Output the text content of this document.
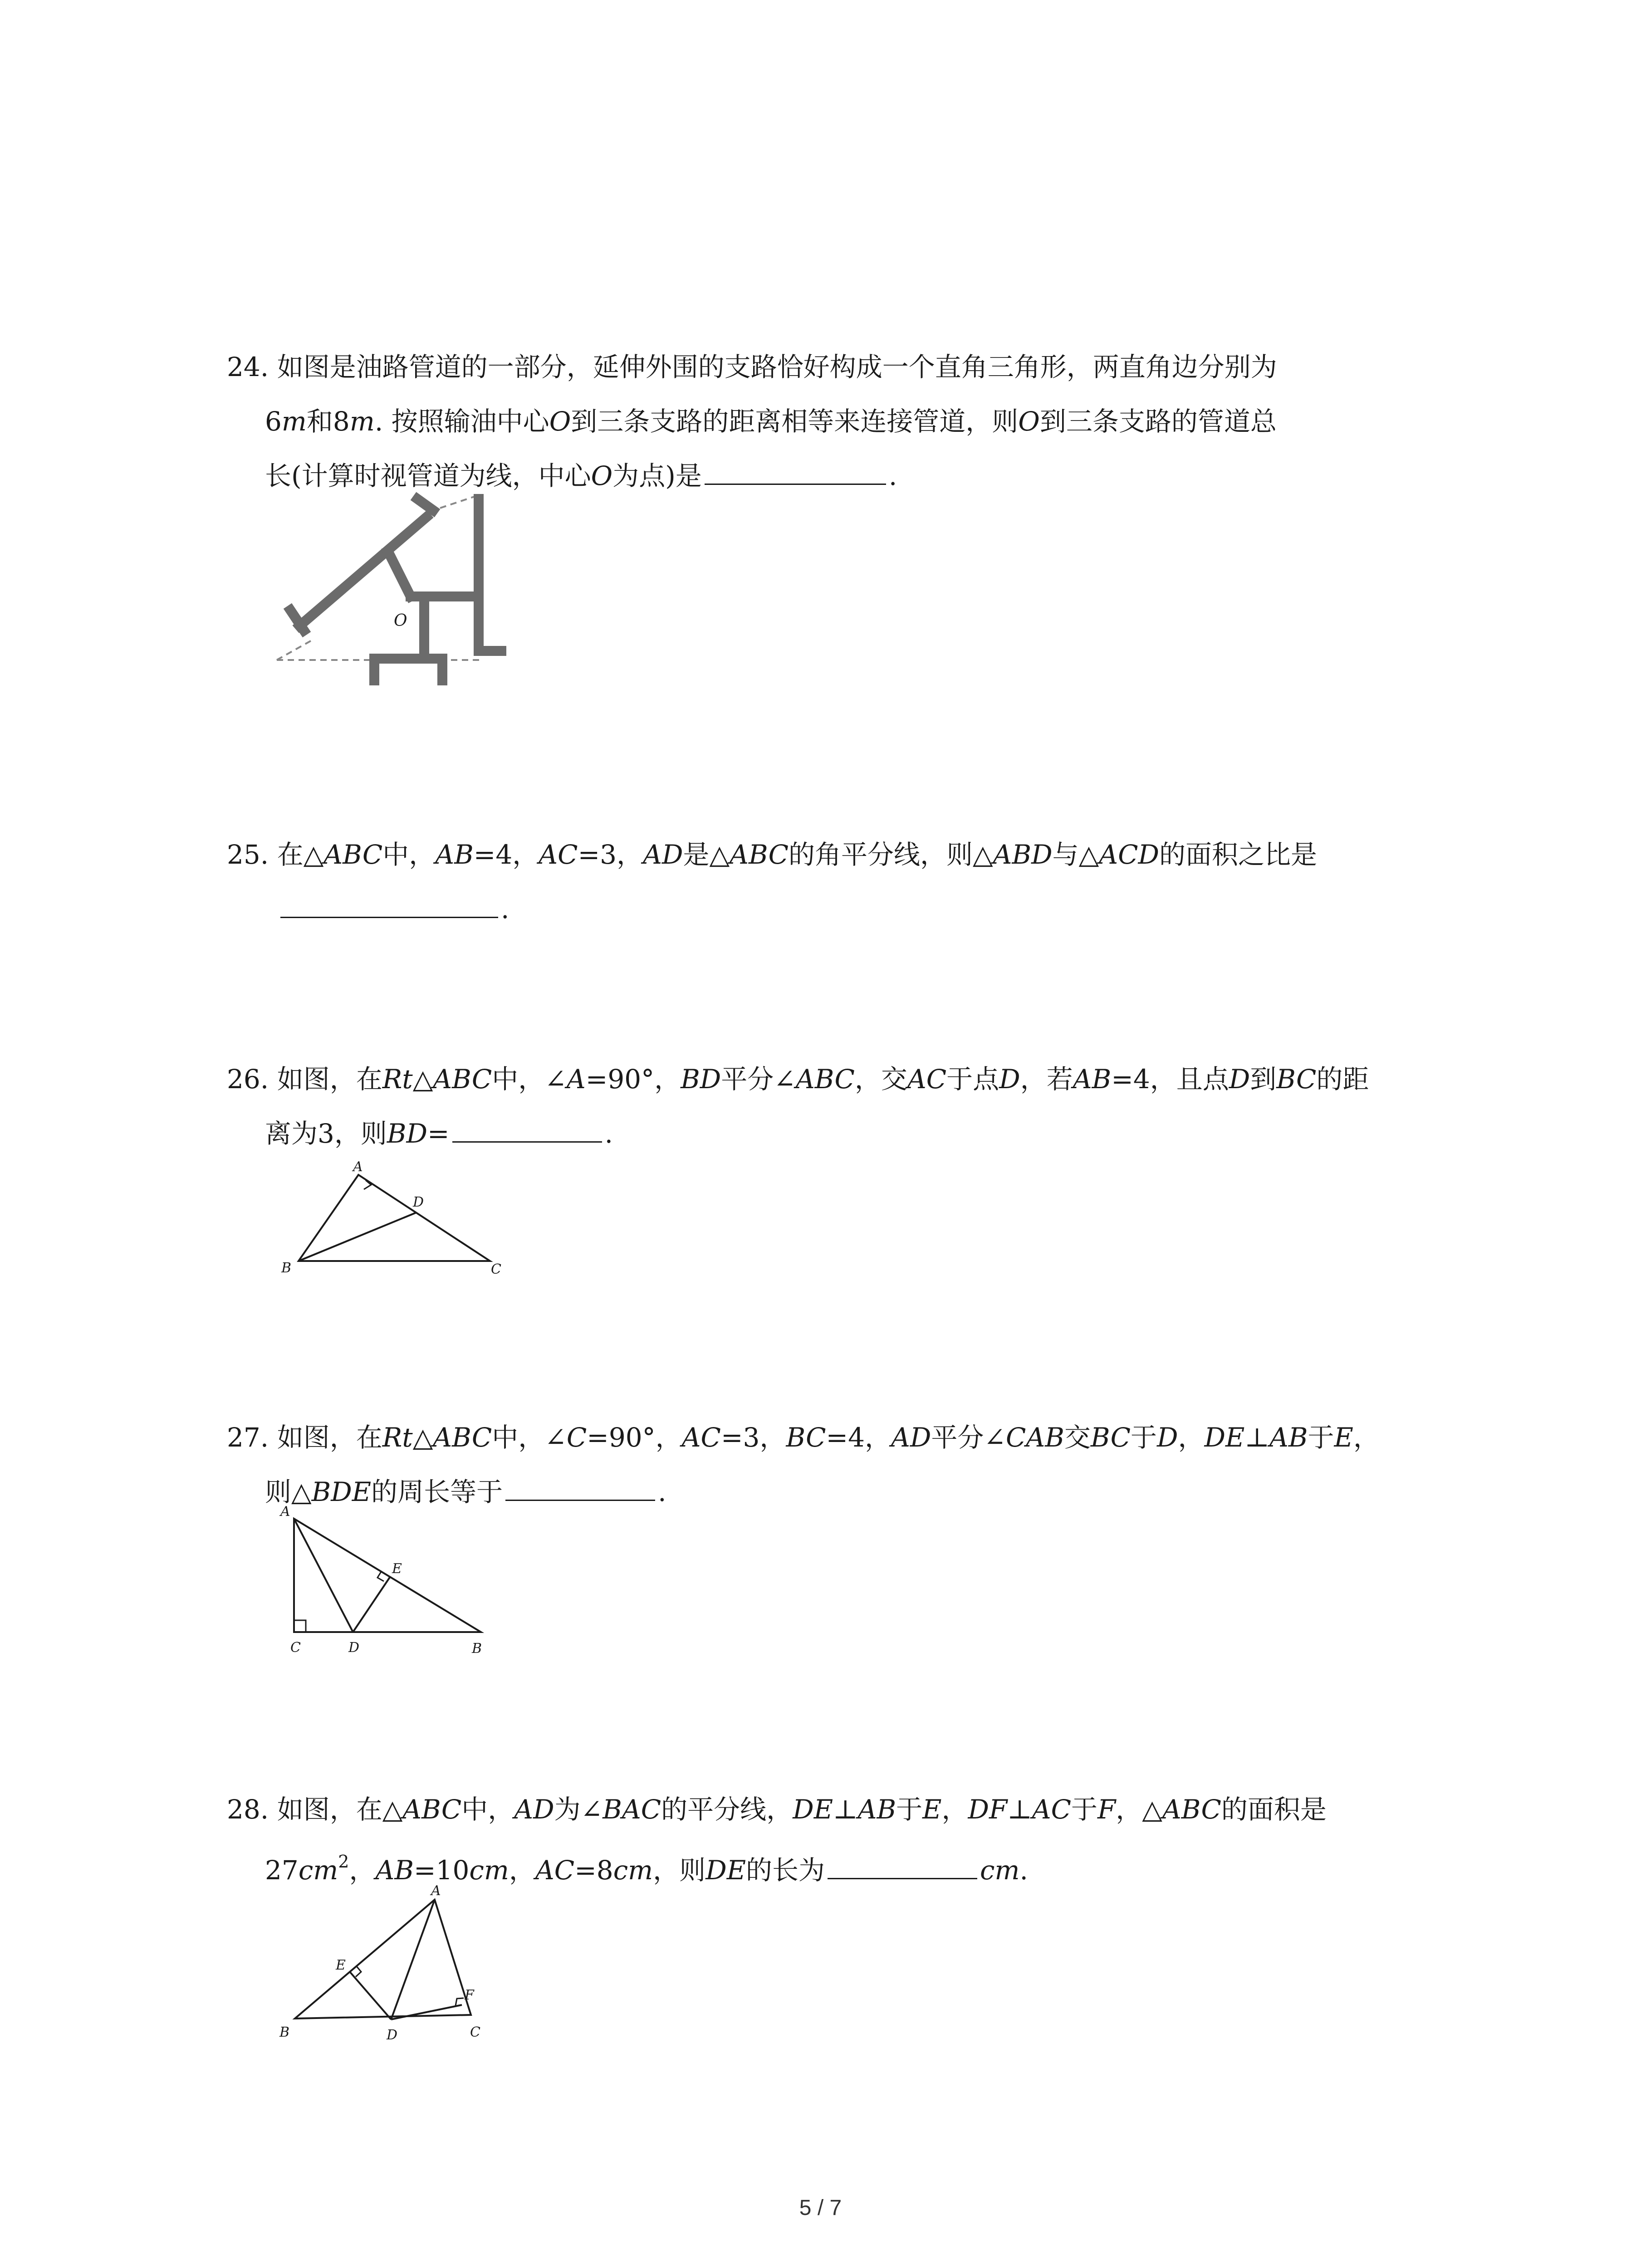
24. 如图是油路管道的一部分，延伸外围的支路恰好构成一个直角三角形，两直角边分别为
6m和8m. 按照输油中心O到三条支路的距离相等来连接管道，则O到三条支路的管道总
长(计算时视管道为线，中心O为点)是	.
O
25. 在△ABC中，AB=4，AC=3，AD是△ABC的角平分线，则△ABD与△ACD的面积之比是
.
26. 如图，在Rt△ABC中，∠A=90°，BD平分∠ABC，交AC于点D，若AB=4，且点D到BC的距
离为3，则BD=	.
A
B	C
D
27. 如图，在Rt△ABC中，∠C=90°，AC=3，BC=4，AD平分∠CAB交BC于D，DE⊥AB于E，
则△BDE的周长等于	.
A
C	D	B
E
28. 如图，在△ABC中，AD为∠BAC的平分线，DE⊥AB于E，DF⊥AC于F，△ABC的面积是
$27cm^2$，AB=10cm，AC=8cm，则DE的长为	cm.
A
B	C
D
E
F
5 / 7
